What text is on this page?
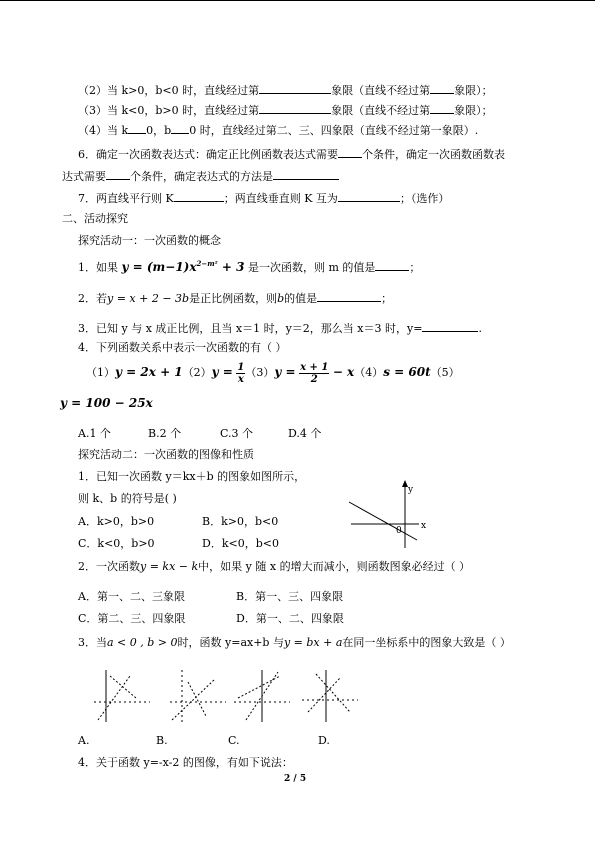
（2）当 k>0，b<0 时，直线经过第	象限（直线不经过第 象限）；
（3）当 k<0，b>0 时，直线经过第	象限（直线不经过第 象限）；
（4）当 k 0，b 0 时，直线经过第二、三、四象限（直线不经过第一象限）.
6．确定一次函数表达式：确定正比例函数表达式需要 个条件，确定一次函数函数表
达式需要 个条件，确定表达式的方法是
7．两直线平行则 K	；两直线垂直则 K 互为	；（选作）
二、活动探究
探究活动一：一次函数的概念
1．如果 $y = (m-1)x^{2-m^2} + 3$ 是一次函数，则 m 的值是	；
2．若y = x + 2 − 3b是正比例函数，则b的值是	；
3．已知 y 与 x 成正比例，且当 x＝1 时，y＝2，那么当 x＝3 时，y=	.
4．下列函数关系中表示一次函数的有（ ）
$(1)y = 2x + 1(2)y = \frac{1}{x} (3)y = \frac{x + 1}{2} - x(4)s = 60t(5)$
y = 100 − 25x
A.1 个	B.2 个	C.3 个	D.4 个
探究活动二：一次函数的图像和性质
1．已知一次函数 y＝kx＋b 的图象如图所示，
则 k、b 的符号是( )
A．k>0，b>0	B．k>0，b<0
C．k<0，b>0	D．k<0，b<0
y
0 x
2．一次函数y = kx − k中，如果 y 随 x 的增大而减小，则函数图象必经过（ ）
A．第一、二、三象限	B．第一、三、四象限
C．第二、三、四象限	D．第一、二、四象限
3．当a < 0 , b > 0时，函数 y=ax+b 与y = bx + a在同一坐标系中的图象大致是（ ）
A.	B.	C.	D.
4．关于函数 y=-x-2 的图像，有如下说法：
2 / 5
